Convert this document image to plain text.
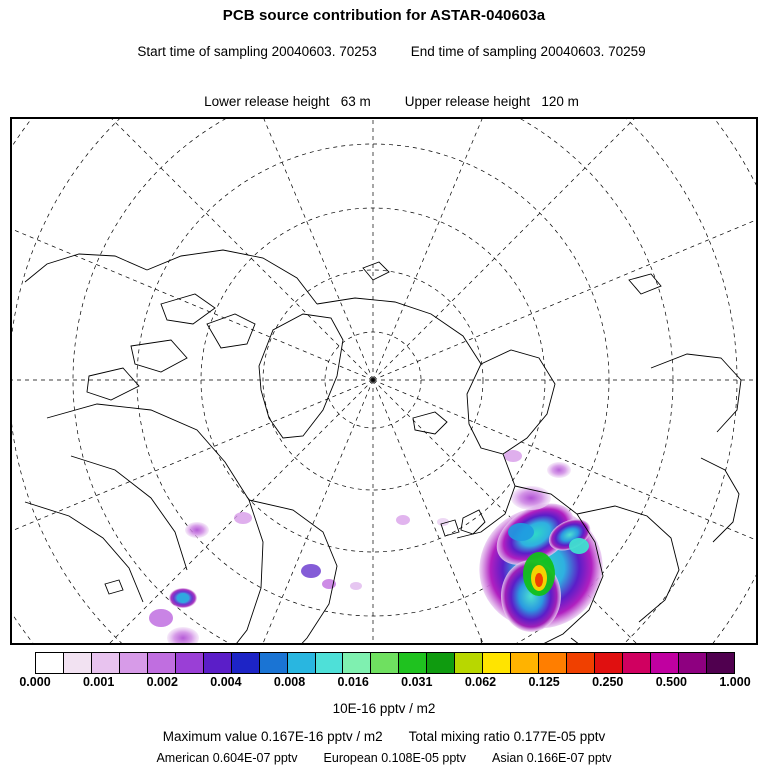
PCB source contribution for ASTAR-040603a

Start time of sampling 20040603. 70253	End time of sampling 20040603. 70259

Lower release height   63 m	Upper release height   120 m

0.000	0.001	0.002	0.004	0.008	0.016	0.031	0.062	0.125	0.250	0.500	1.000
10E-16 pptv / m2
Maximum value 0.167E-16 pptv / m2 Total mixing ratio 0.177E-05 pptv
American 0.604E-07 pptv European 0.108E-05 pptv Asian 0.166E-07 pptv
